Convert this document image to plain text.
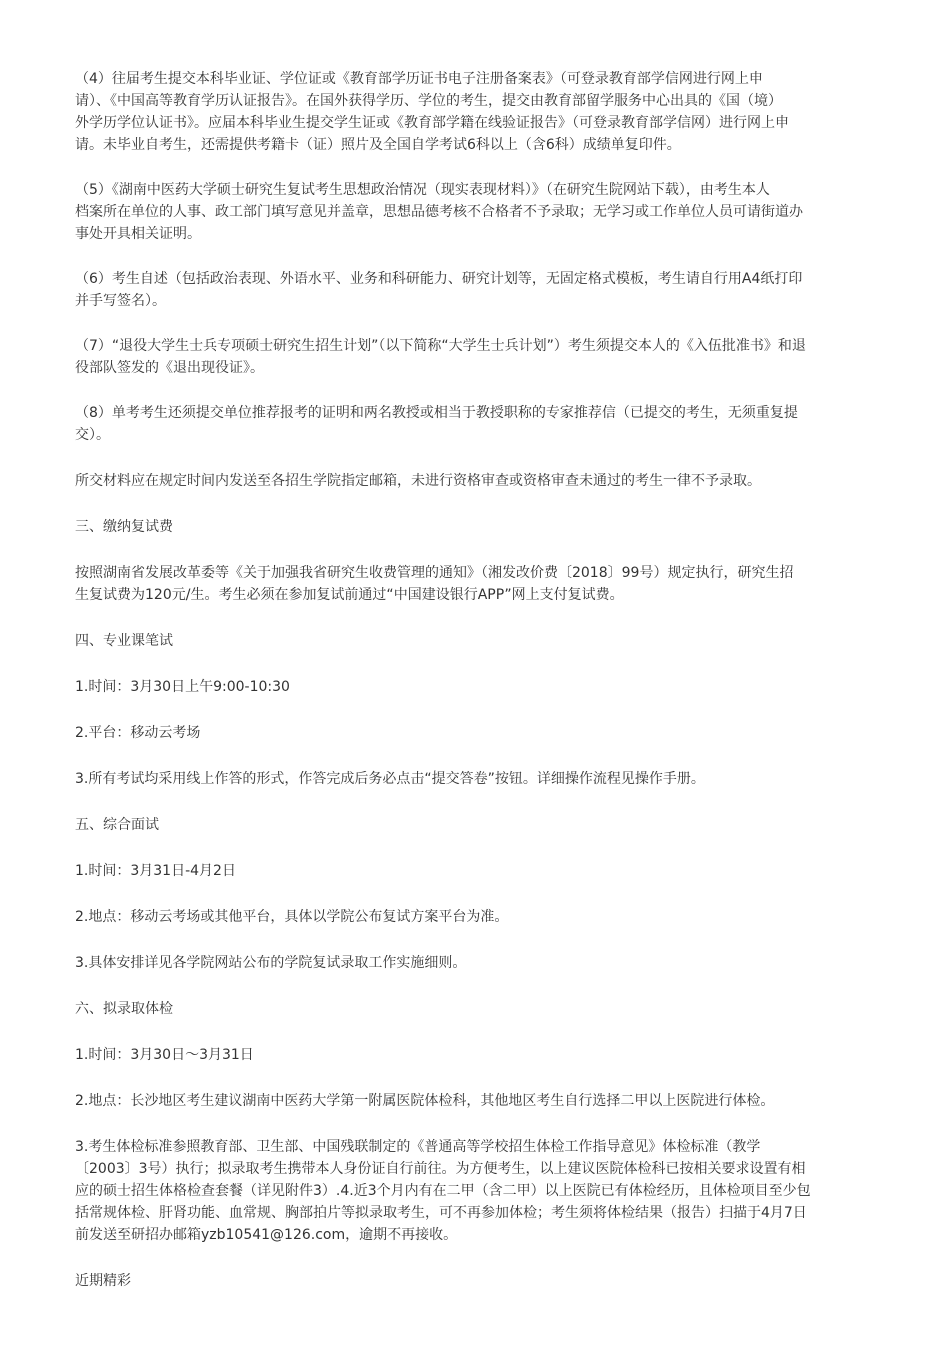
（4）往届考生提交本科毕业证、学位证或《教育部学历证书电子注册备案表》（可登录教育部学信网进行网上申
请）、《中国高等教育学历认证报告》。在国外获得学历、学位的考生，提交由教育部留学服务中心出具的《国（境）
外学历学位认证书》。应届本科毕业生提交学生证或《教育部学籍在线验证报告》（可登录教育部学信网）进行网上申
请。未毕业自考生，还需提供考籍卡（证）照片及全国自学考试6科以上（含6科）成绩单复印件。

（5）《湖南中医药大学硕士研究生复试考生思想政治情况（现实表现材料）》（在研究生院网站下载），由考生本人
档案所在单位的人事、政工部门填写意见并盖章，思想品德考核不合格者不予录取；无学习或工作单位人员可请街道办
事处开具相关证明。

（6）考生自述（包括政治表现、外语水平、业务和科研能力、研究计划等，无固定格式模板，考生请自行用A4纸打印
并手写签名）。

（7）“退役大学生士兵专项硕士研究生招生计划”（以下简称“大学生士兵计划”）考生须提交本人的《入伍批准书》和退
役部队签发的《退出现役证》。

（8）单考考生还须提交单位推荐报考的证明和两名教授或相当于教授职称的专家推荐信（已提交的考生，无须重复提
交）。

所交材料应在规定时间内发送至各招生学院指定邮箱，未进行资格审查或资格审查未通过的考生一律不予录取。

三、缴纳复试费

按照湖南省发展改革委等《关于加强我省研究生收费管理的通知》（湘发改价费〔2018〕99号）规定执行，研究生招
生复试费为120元/生。考生必须在参加复试前通过“中国建设银行APP”网上支付复试费。

四、专业课笔试

1.时间：3月30日上午9:00-10:30

2.平台：移动云考场

3.所有考试均采用线上作答的形式，作答完成后务必点击“提交答卷”按钮。详细操作流程见操作手册。

五、综合面试

1.时间：3月31日-4月2日

2.地点：移动云考场或其他平台，具体以学院公布复试方案平台为准。

3.具体安排详见各学院网站公布的学院复试录取工作实施细则。

六、拟录取体检

1.时间：3月30日～3月31日

2.地点：长沙地区考生建议湖南中医药大学第一附属医院体检科，其他地区考生自行选择二甲以上医院进行体检。

3.考生体检标准参照教育部、卫生部、中国残联制定的《普通高等学校招生体检工作指导意见》体检标准（教学
〔2003〕3号）执行；拟录取考生携带本人身份证自行前往。为方便考生，以上建议医院体检科已按相关要求设置有相
应的硕士招生体格检查套餐（详见附件3）.4.近3个月内有在二甲（含二甲）以上医院已有体检经历，且体检项目至少包
括常规体检、肝肾功能、血常规、胸部拍片等拟录取考生，可不再参加体检；考生须将体检结果（报告）扫描于4月7日
前发送至研招办邮箱yzb10541@126.com，逾期不再接收。

近期精彩
